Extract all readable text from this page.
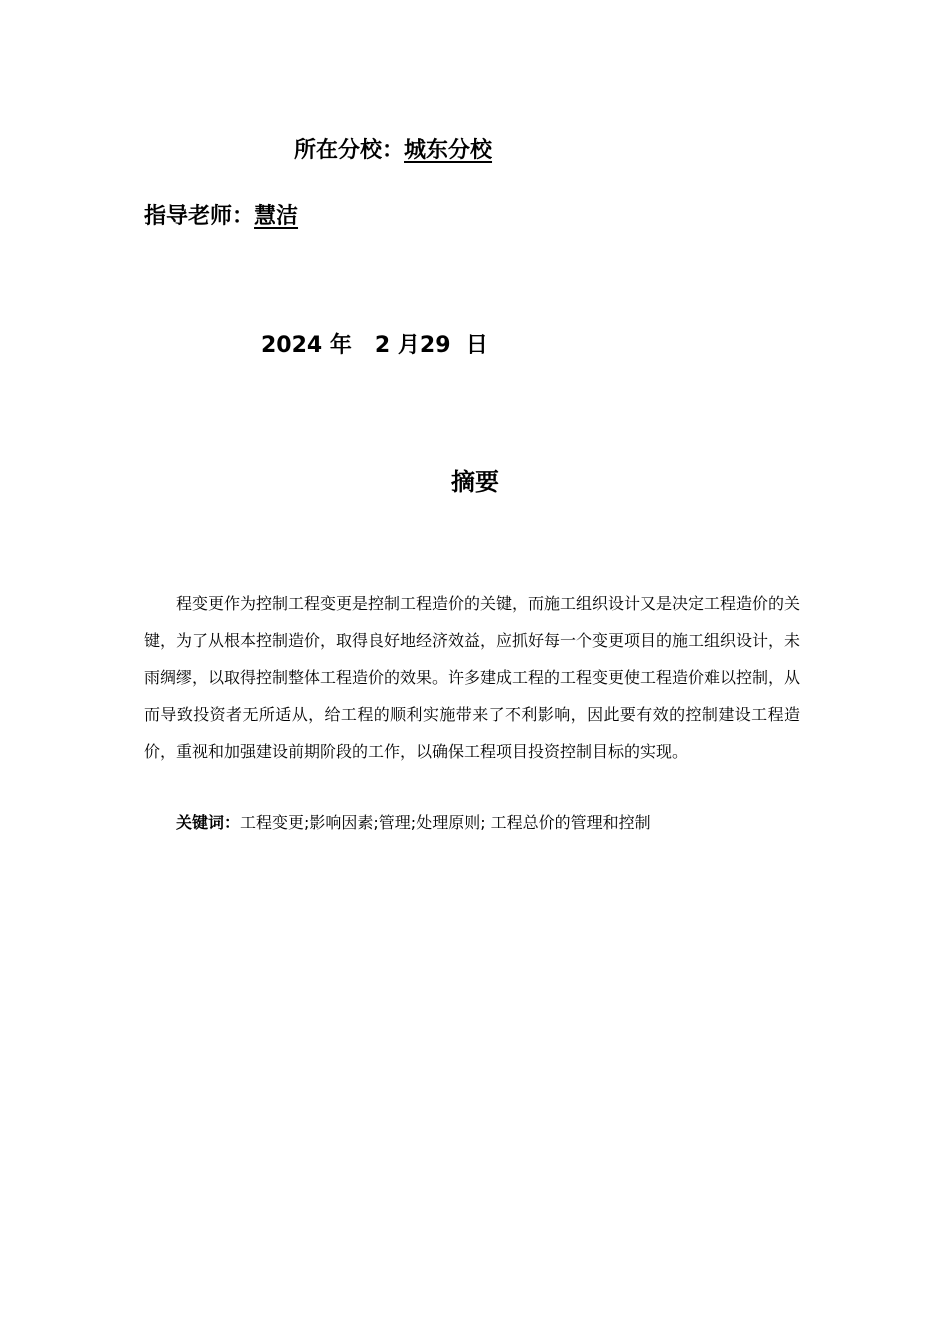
所在分校：城东分校
指导老师：慧洁
2024 年 2 月29 日
摘要

程变更作为控制工程变更是控制工程造价的关键，而施工组织设计又是决定工程造价的关键，为了从根本控制造价，取得良好地经济效益，应抓好每一个变更项目的施工组织设计，未雨绸缪，以取得控制整体工程造价的效果。许多建成工程的工程变更使工程造价难以控制，从而导致投资者无所适从，给工程的顺利实施带来了不利影响，因此要有效的控制建设工程造价，重视和加强建设前期阶段的工作，以确保工程项目投资控制目标的实现。

关键词：工程变更;影响因素;管理;处理原则; 工程总价的管理和控制
